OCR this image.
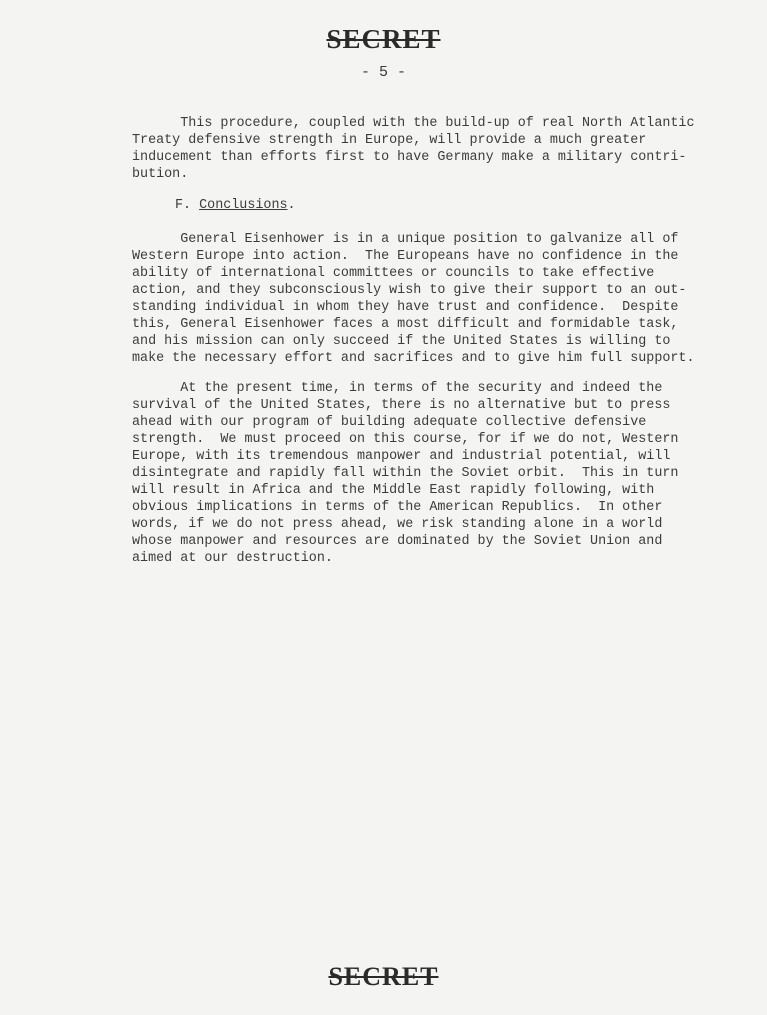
SECRET
- 5 -
This procedure, coupled with the build-up of real North Atlantic
Treaty defensive strength in Europe, will provide a much greater
inducement than efforts first to have Germany make a military contri-
bution.
F. Conclusions.
General Eisenhower is in a unique position to galvanize all of
Western Europe into action.  The Europeans have no confidence in the
ability of international committees or councils to take effective
action, and they subconsciously wish to give their support to an out-
standing individual in whom they have trust and confidence.  Despite
this, General Eisenhower faces a most difficult and formidable task,
and his mission can only succeed if the United States is willing to
make the necessary effort and sacrifices and to give him full support.
At the present time, in terms of the security and indeed the
survival of the United States, there is no alternative but to press
ahead with our program of building adequate collective defensive
strength.  We must proceed on this course, for if we do not, Western
Europe, with its tremendous manpower and industrial potential, will
disintegrate and rapidly fall within the Soviet orbit.  This in turn
will result in Africa and the Middle East rapidly following, with
obvious implications in terms of the American Republics.  In other
words, if we do not press ahead, we risk standing alone in a world
whose manpower and resources are dominated by the Soviet Union and
aimed at our destruction.
SECRET
